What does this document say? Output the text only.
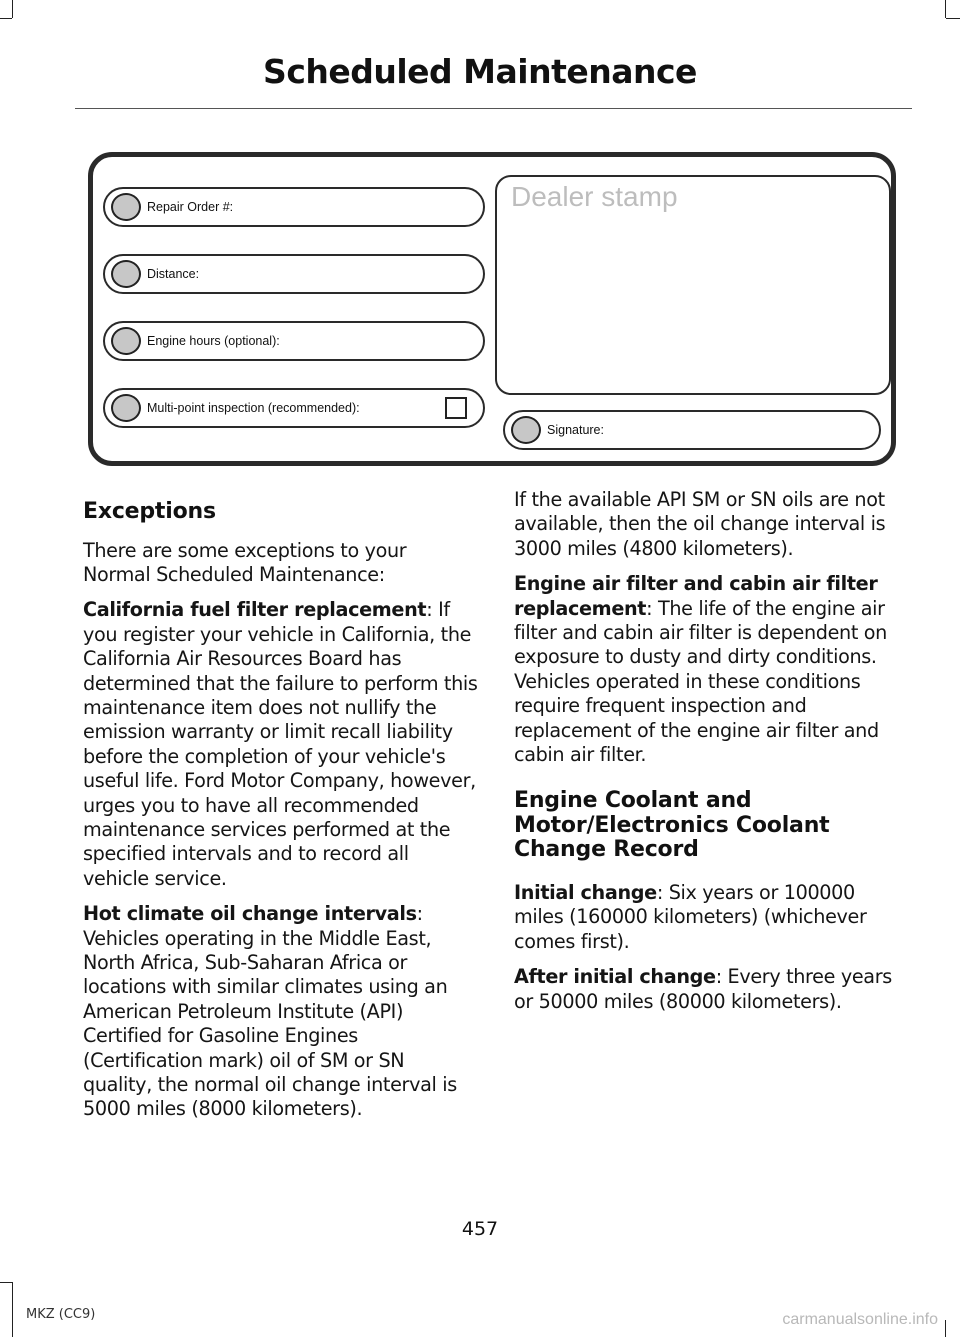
Scheduled Maintenance
Repair Order #:
Distance:
Engine hours (optional):
Multi-point inspection (recommended):
Dealer stamp
Signature:
Exceptions

There are some exceptions to your Normal Scheduled Maintenance:

California fuel filter replacement: If you register your vehicle in California, the California Air Resources Board has determined that the failure to perform this maintenance item does not nullify the emission warranty or limit recall liability before the completion of your vehicle's useful life. Ford Motor Company, however, urges you to have all recommended maintenance services performed at the specified intervals and to record all vehicle service.

Hot climate oil change intervals: Vehicles operating in the Middle East, North Africa, Sub-Saharan Africa or locations with similar climates using an American Petroleum Institute (API) Certified for Gasoline Engines (Certification mark) oil of SM or SN quality, the normal oil change interval is 5000 miles (8000 kilometers).

If the available API SM or SN oils are not available, then the oil change interval is 3000 miles (4800 kilometers).

Engine air filter and cabin air filter replacement: The life of the engine air filter and cabin air filter is dependent on exposure to dusty and dirty conditions. Vehicles operated in these conditions require frequent inspection and replacement of the engine air filter and cabin air filter.

Engine Coolant and Motor/Electronics Coolant Change Record

Initial change: Six years or 100000 miles (160000 kilometers) (whichever comes first).

After initial change: Every three years or 50000 miles (80000 kilometers).

457
MKZ (CC9)	carmanualsonline.info
